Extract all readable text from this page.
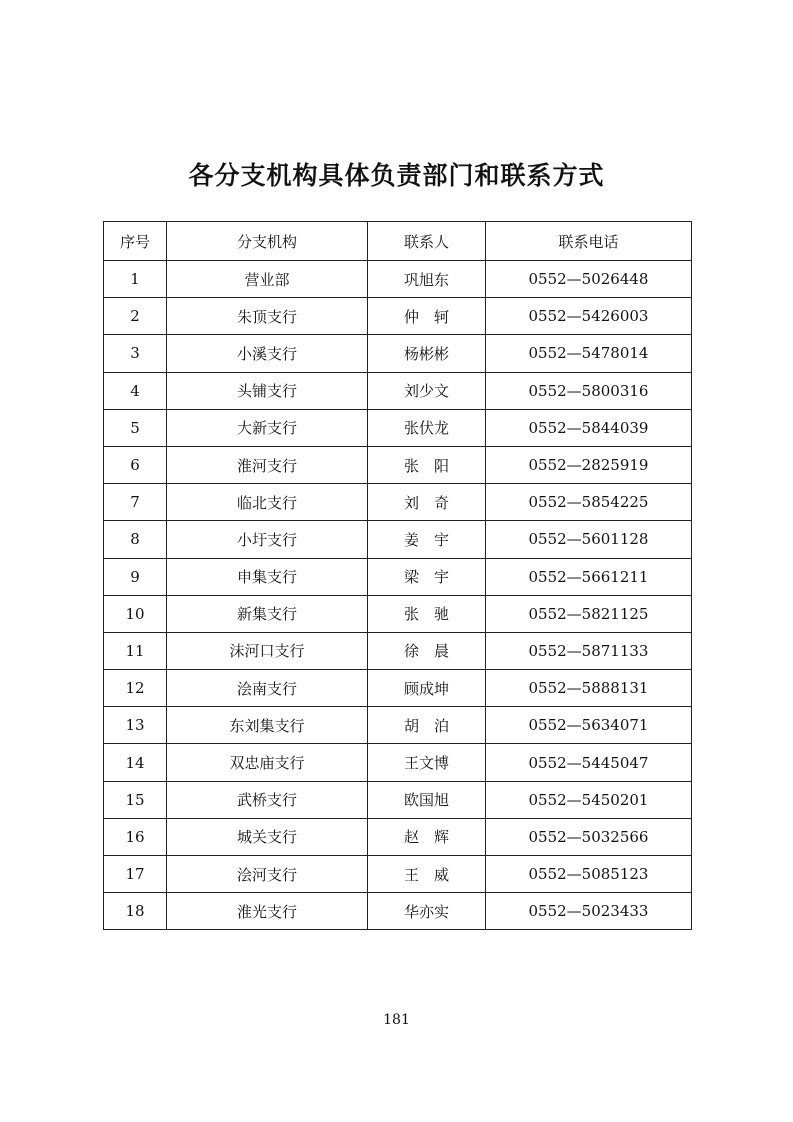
各分支机构具体负责部门和联系方式
序号	分支机构	联系人	联系电话
1	营业部	巩旭东	0552—5026448
2	朱顶支行	仲　轲	0552—5426003
3	小溪支行	杨彬彬	0552—5478014
4	头铺支行	刘少文	0552—5800316
5	大新支行	张伏龙	0552—5844039
6	淮河支行	张　阳	0552—2825919
7	临北支行	刘　奇	0552—5854225
8	小圩支行	姜　宇	0552—5601128
9	申集支行	梁　宇	0552—5661211
10	新集支行	张　驰	0552—5821125
11	沫河口支行	徐　晨	0552—5871133
12	浍南支行	顾成坤	0552—5888131
13	东刘集支行	胡　泊	0552—5634071
14	双忠庙支行	王文博	0552—5445047
15	武桥支行	欧国旭	0552—5450201
16	城关支行	赵　辉	0552—5032566
17	浍河支行	王　威	0552—5085123
18	淮光支行	华亦实	0552—5023433
181
